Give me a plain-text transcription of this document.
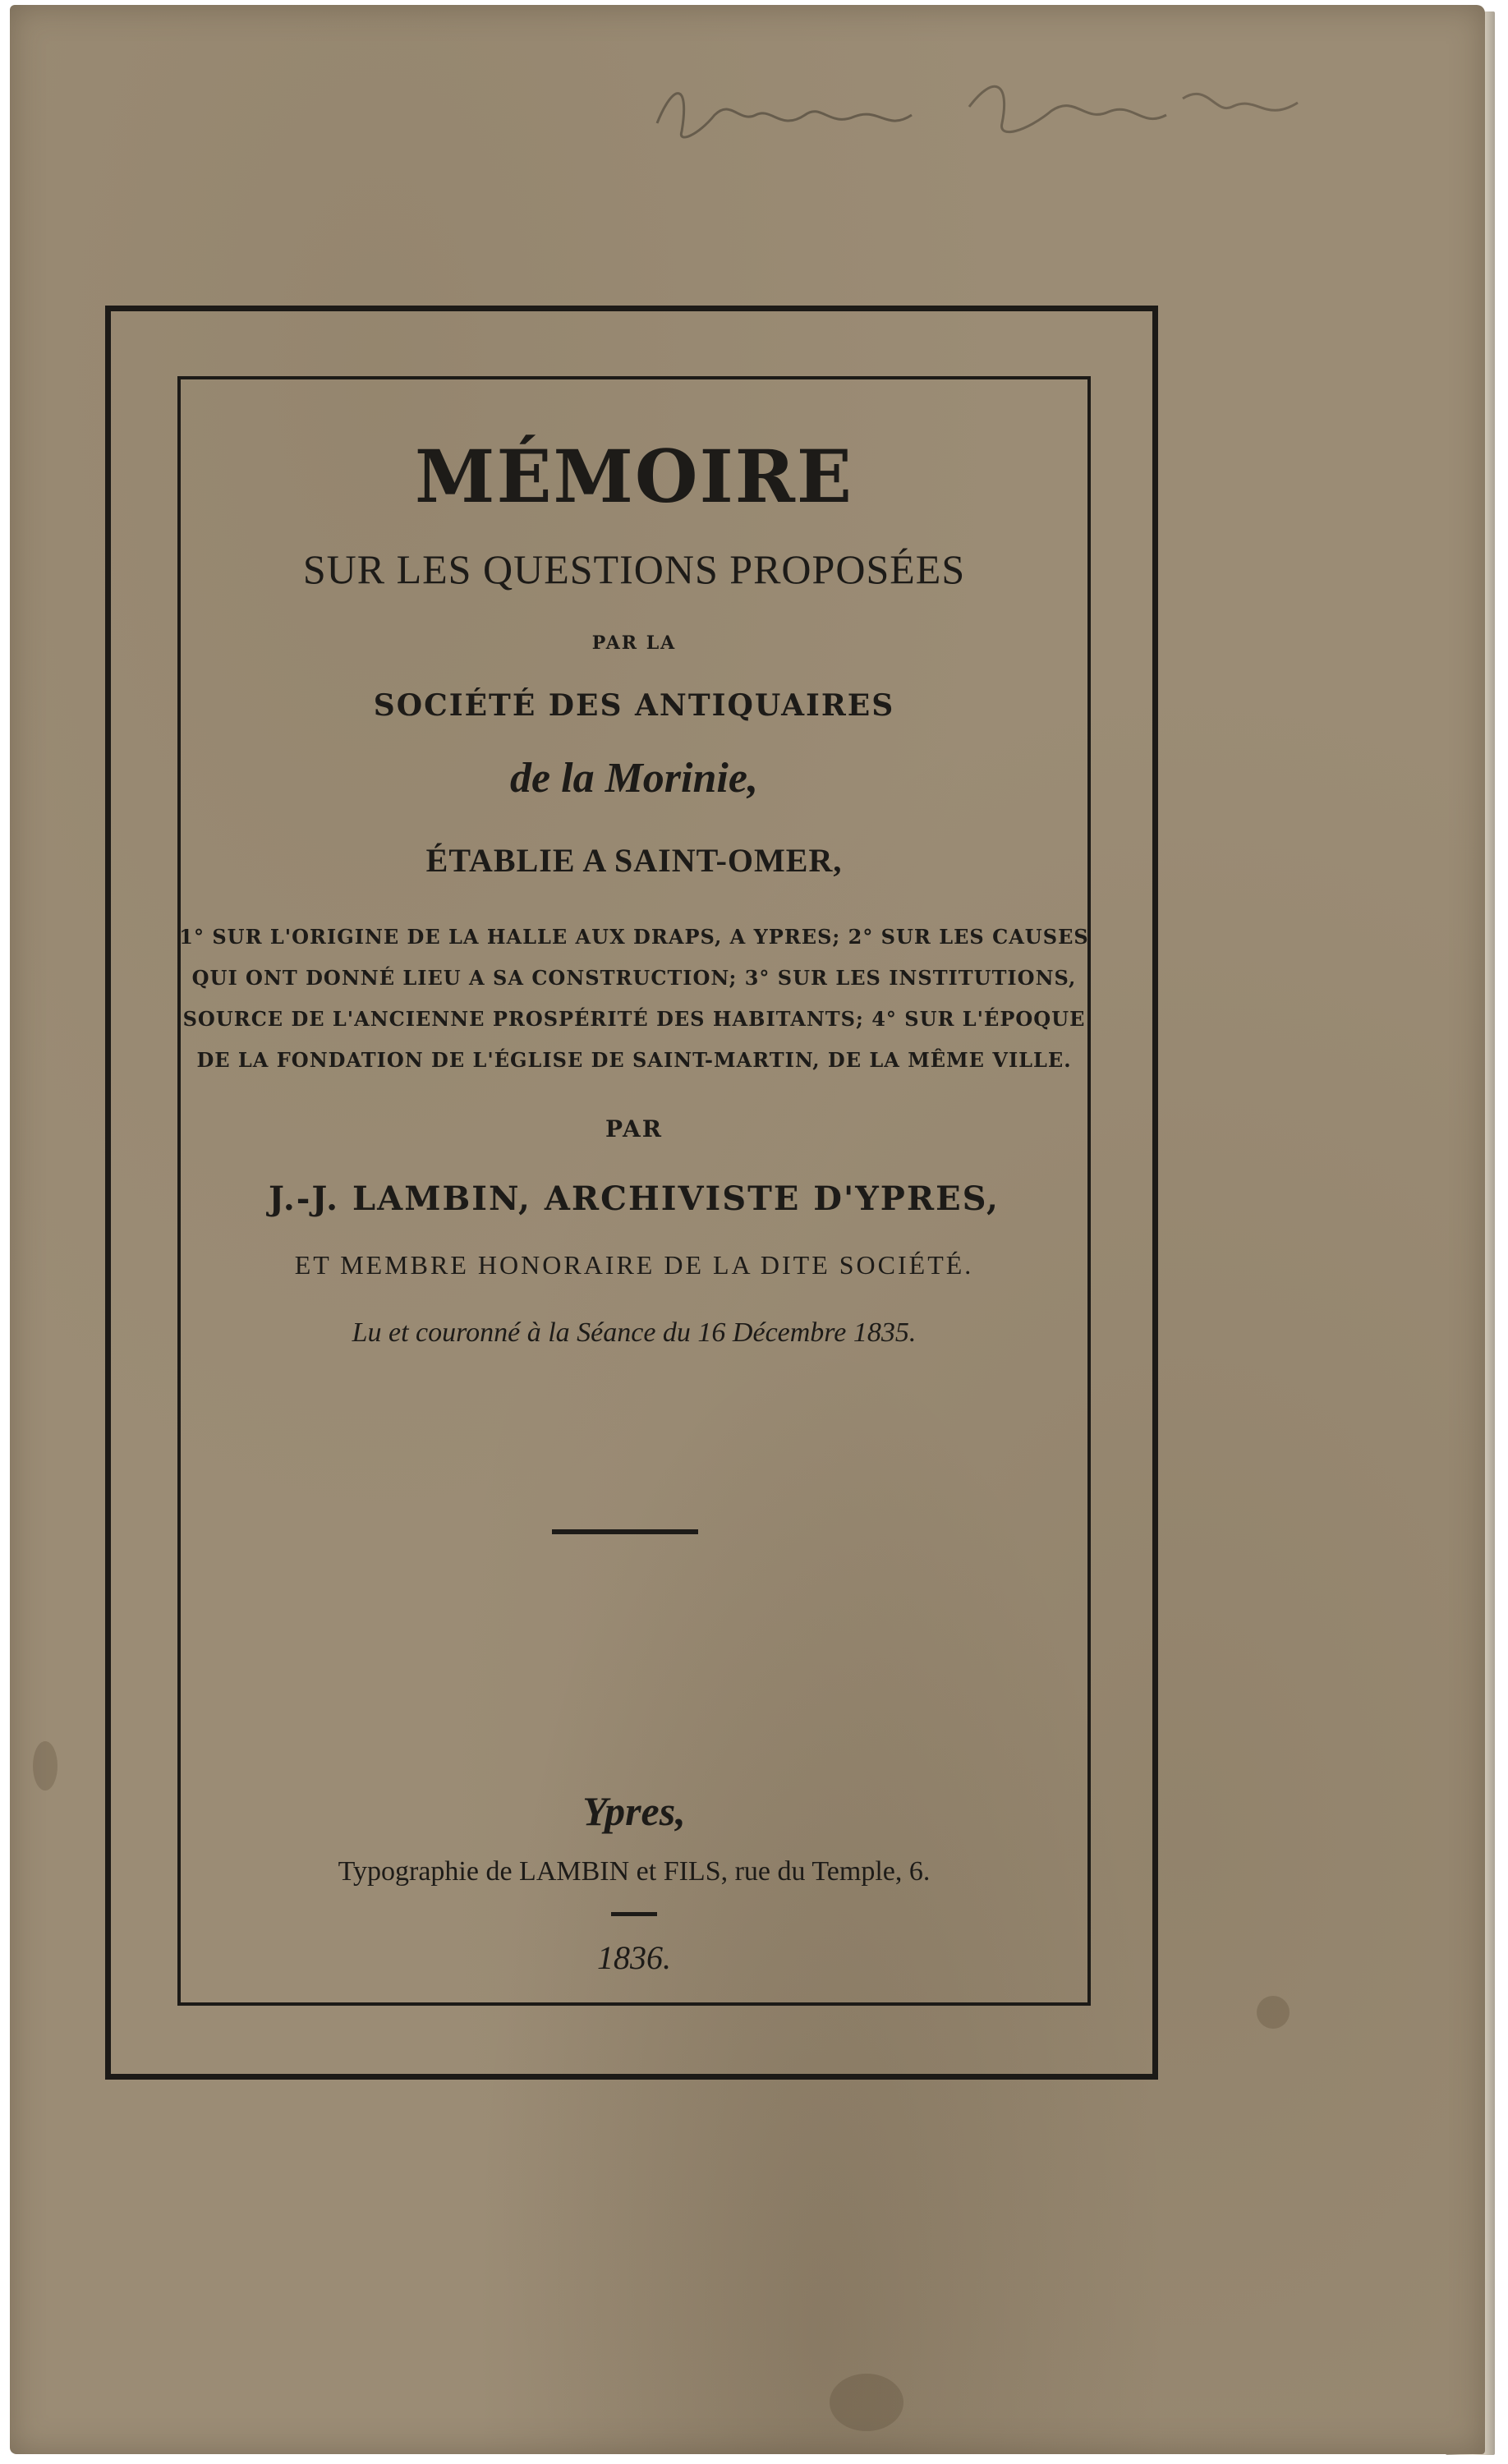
MÉMOIRE
SUR LES QUESTIONS PROPOSÉES
PAR LA
SOCIÉTÉ DES ANTIQUAIRES
de la Morinie,
ÉTABLIE A SAINT-OMER,
1° SUR L'ORIGINE DE LA HALLE AUX DRAPS, A YPRES; 2° SUR LES CAUSES
QUI ONT DONNÉ LIEU A SA CONSTRUCTION; 3° SUR LES INSTITUTIONS,
SOURCE DE L'ANCIENNE PROSPÉRITÉ DES HABITANTS; 4° SUR L'ÉPOQUE
DE LA FONDATION DE L'ÉGLISE DE SAINT-MARTIN, DE LA MÊME VILLE.
PAR
J.-J. LAMBIN, ARCHIVISTE D'YPRES,
ET MEMBRE HONORAIRE DE LA DITE SOCIÉTÉ.
Lu et couronné à la Séance du 16 Décembre 1835.
Ypres,
Typographie de LAMBIN et FILS, rue du Temple, 6.
1836.
